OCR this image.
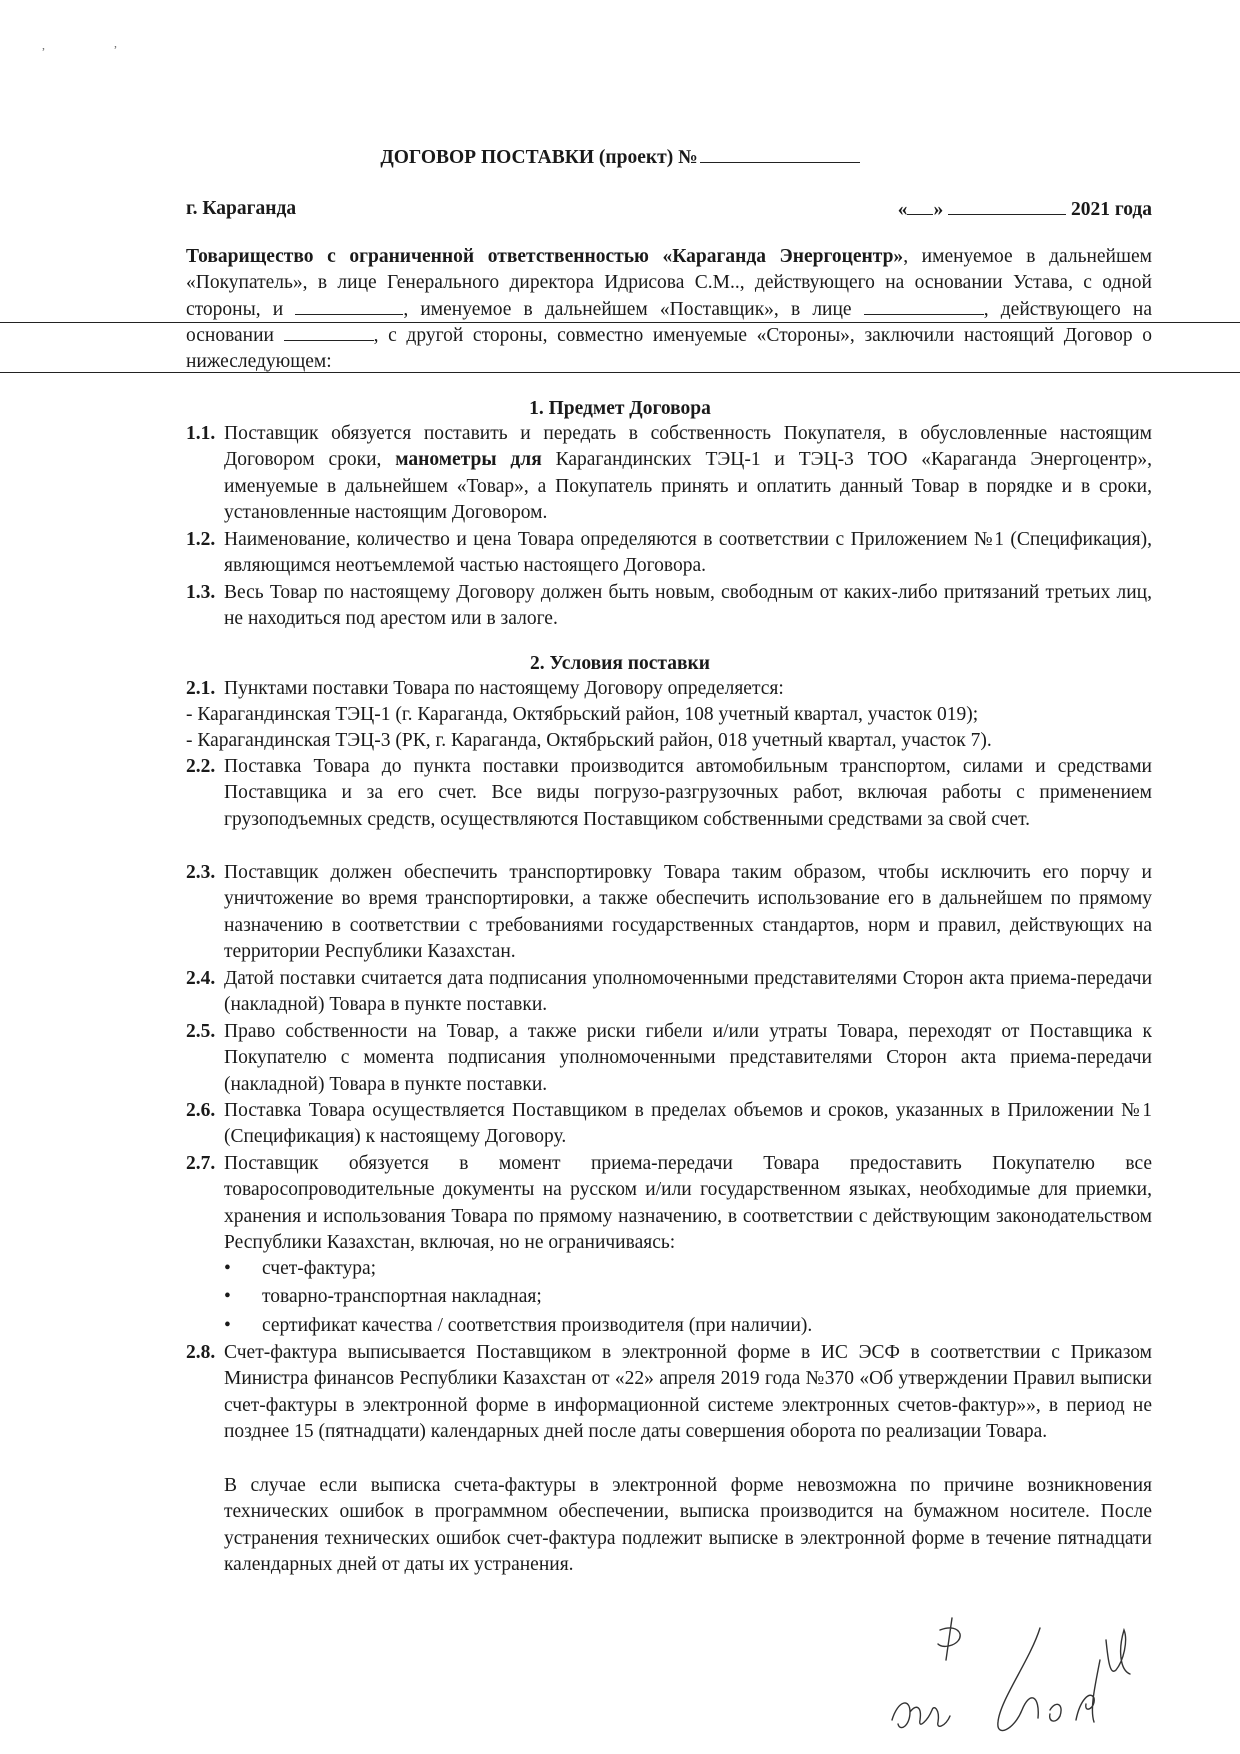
,	,
ДОГОВОР ПОСТАВКИ (проект) №
г. Караганда	« »	2021 года
Товарищество с ограниченной ответственностью «Караганда Энергоцентр», именуемое в дальнейшем «Покупатель», в лице Генерального директора Идрисова С.М.., действующего на основании Устава, с одной стороны, и	, именуемое в дальнейшем «Поставщик», в лице	, действующего на основании	, с другой стороны, совместно именуемые «Стороны», заключили настоящий Договор о нижеследующем:
1. Предмет Договора
1.1. Поставщик обязуется поставить и передать в собственность Покупателя, в обусловленные настоящим Договором сроки, манометры для Карагандинских ТЭЦ-1 и ТЭЦ-3 ТОО «Караганда Энергоцентр», именуемые в дальнейшем «Товар», а Покупатель принять и оплатить данный Товар в порядке и в сроки, установленные настоящим Договором.
1.2. Наименование, количество и цена Товара определяются в соответствии с Приложением №1 (Спецификация), являющимся неотъемлемой частью настоящего Договора.
1.3. Весь Товар по настоящему Договору должен быть новым, свободным от каких-либо притязаний третьих лиц, не находиться под арестом или в залоге.
2. Условия поставки
2.1. Пунктами поставки Товара по настоящему Договору определяется:
- Карагандинская ТЭЦ-1 (г. Караганда, Октябрьский район, 108 учетный квартал, участок 019);
- Карагандинская ТЭЦ-3 (РК, г. Караганда, Октябрьский район, 018 учетный квартал, участок 7).
2.2. Поставка Товара до пункта поставки производится автомобильным транспортом, силами и средствами Поставщика и за его счет. Все виды погрузо-разгрузочных работ, включая работы с применением грузоподъемных средств, осуществляются Поставщиком собственными средствами за свой счет.
2.3. Поставщик должен обеспечить транспортировку Товара таким образом, чтобы исключить его порчу и уничтожение во время транспортировки, а также обеспечить использование его в дальнейшем по прямому назначению в соответствии с требованиями государственных стандартов, норм и правил, действующих на территории Республики Казахстан.
2.4. Датой поставки считается дата подписания уполномоченными представителями Сторон акта приема-передачи (накладной) Товара в пункте поставки.
2.5. Право собственности на Товар, а также риски гибели и/или утраты Товара, переходят от Поставщика к Покупателю с момента подписания уполномоченными представителями Сторон акта приема-передачи (накладной) Товара в пункте поставки.
2.6. Поставка Товара осуществляется Поставщиком в пределах объемов и сроков, указанных в Приложении №1 (Спецификация) к настоящему Договору.
2.7. Поставщик обязуется в момент приема-передачи Товара предоставить Покупателю все товаросопроводительные документы на русском и/или государственном языках, необходимые для приемки, хранения и использования Товара по прямому назначению, в соответствии с действующим законодательством Республики Казахстан, включая, но не ограничиваясь:
• счет-фактура;
• товарно-транспортная накладная;
• сертификат качества / соответствия производителя (при наличии).
2.8. Счет-фактура выписывается Поставщиком в электронной форме в ИС ЭСФ в соответствии с Приказом Министра финансов Республики Казахстан от «22» апреля 2019 года №370 «Об утверждении Правил выписки счет-фактуры в электронной форме в информационной системе электронных счетов-фактур»», в период не позднее 15 (пятнадцати) календарных дней после даты совершения оборота по реализации Товара.
В случае если выписка счета-фактуры в электронной форме невозможна по причине возникновения технических ошибок в программном обеспечении, выписка производится на бумажном носителе. После устранения технических ошибок счет-фактура подлежит выписке в электронной форме в течение пятнадцати календарных дней от даты их устранения.
